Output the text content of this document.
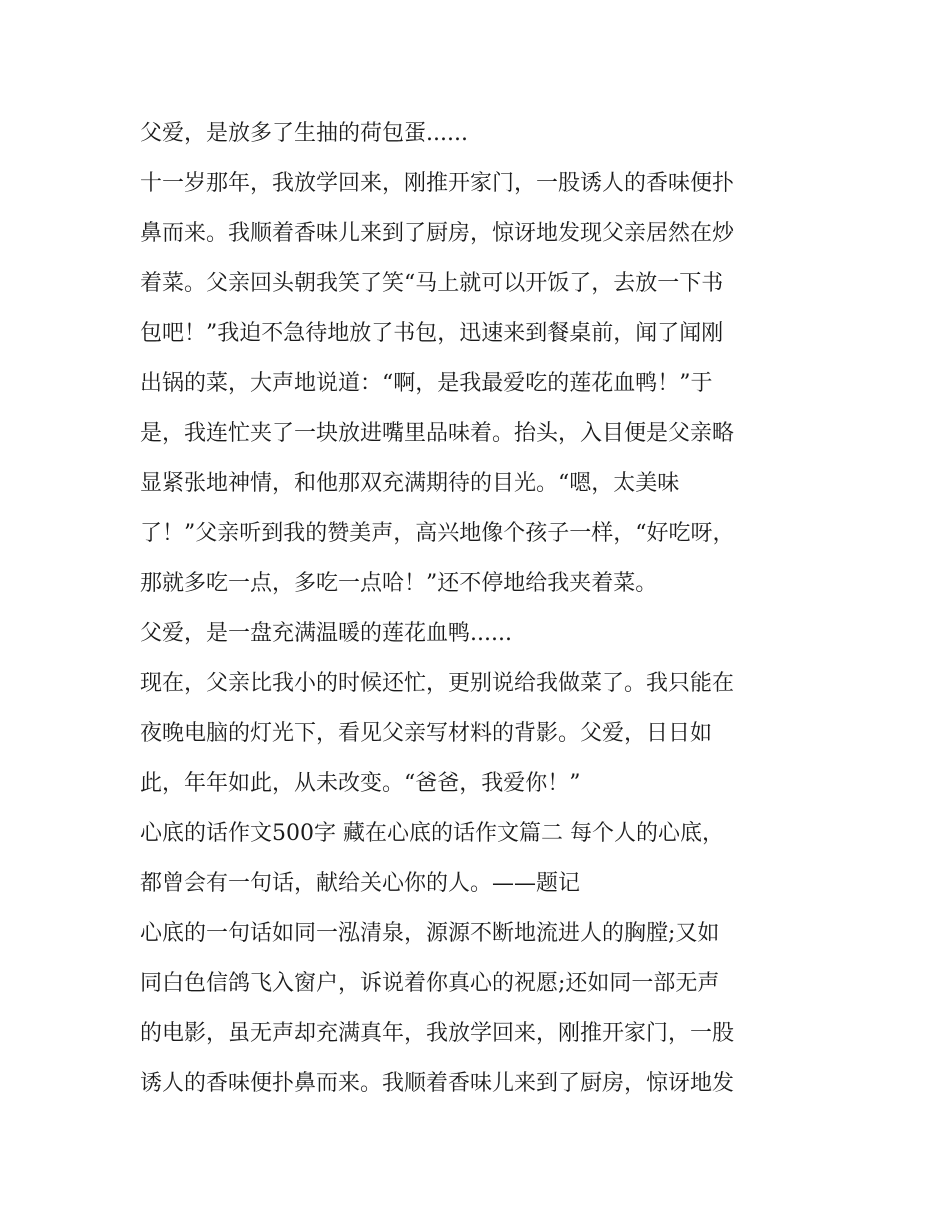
父爱，是放多了生抽的荷包蛋......
十一岁那年，我放学回来，刚推开家门，一股诱人的香味便扑
鼻而来。我顺着香味儿来到了厨房，惊讶地发现父亲居然在炒
着菜。父亲回头朝我笑了笑“马上就可以开饭了，去放一下书
包吧！”我迫不急待地放了书包，迅速来到餐桌前，闻了闻刚
出锅的菜，大声地说道：“啊，是我最爱吃的莲花血鸭！”于
是，我连忙夹了一块放进嘴里品味着。抬头，入目便是父亲略
显紧张地神情，和他那双充满期待的目光。“嗯，太美味
了！”父亲听到我的赞美声，高兴地像个孩子一样，“好吃呀，
那就多吃一点，多吃一点哈！”还不停地给我夹着菜。
父爱，是一盘充满温暖的莲花血鸭......
现在，父亲比我小的时候还忙，更别说给我做菜了。我只能在
夜晚电脑的灯光下，看见父亲写材料的背影。父爱，日日如
此，年年如此，从未改变。“爸爸，我爱你！”
心底的话作文500字 藏在心底的话作文篇二 每个人的心底，
都曾会有一句话，献给关心你的人。——题记
心底的一句话如同一泓清泉，源源不断地流进人的胸膛;又如
同白色信鸽飞入窗户，诉说着你真心的祝愿;还如同一部无声
的电影，虽无声却充满真年，我放学回来，刚推开家门，一股
诱人的香味便扑鼻而来。我顺着香味儿来到了厨房，惊讶地发
